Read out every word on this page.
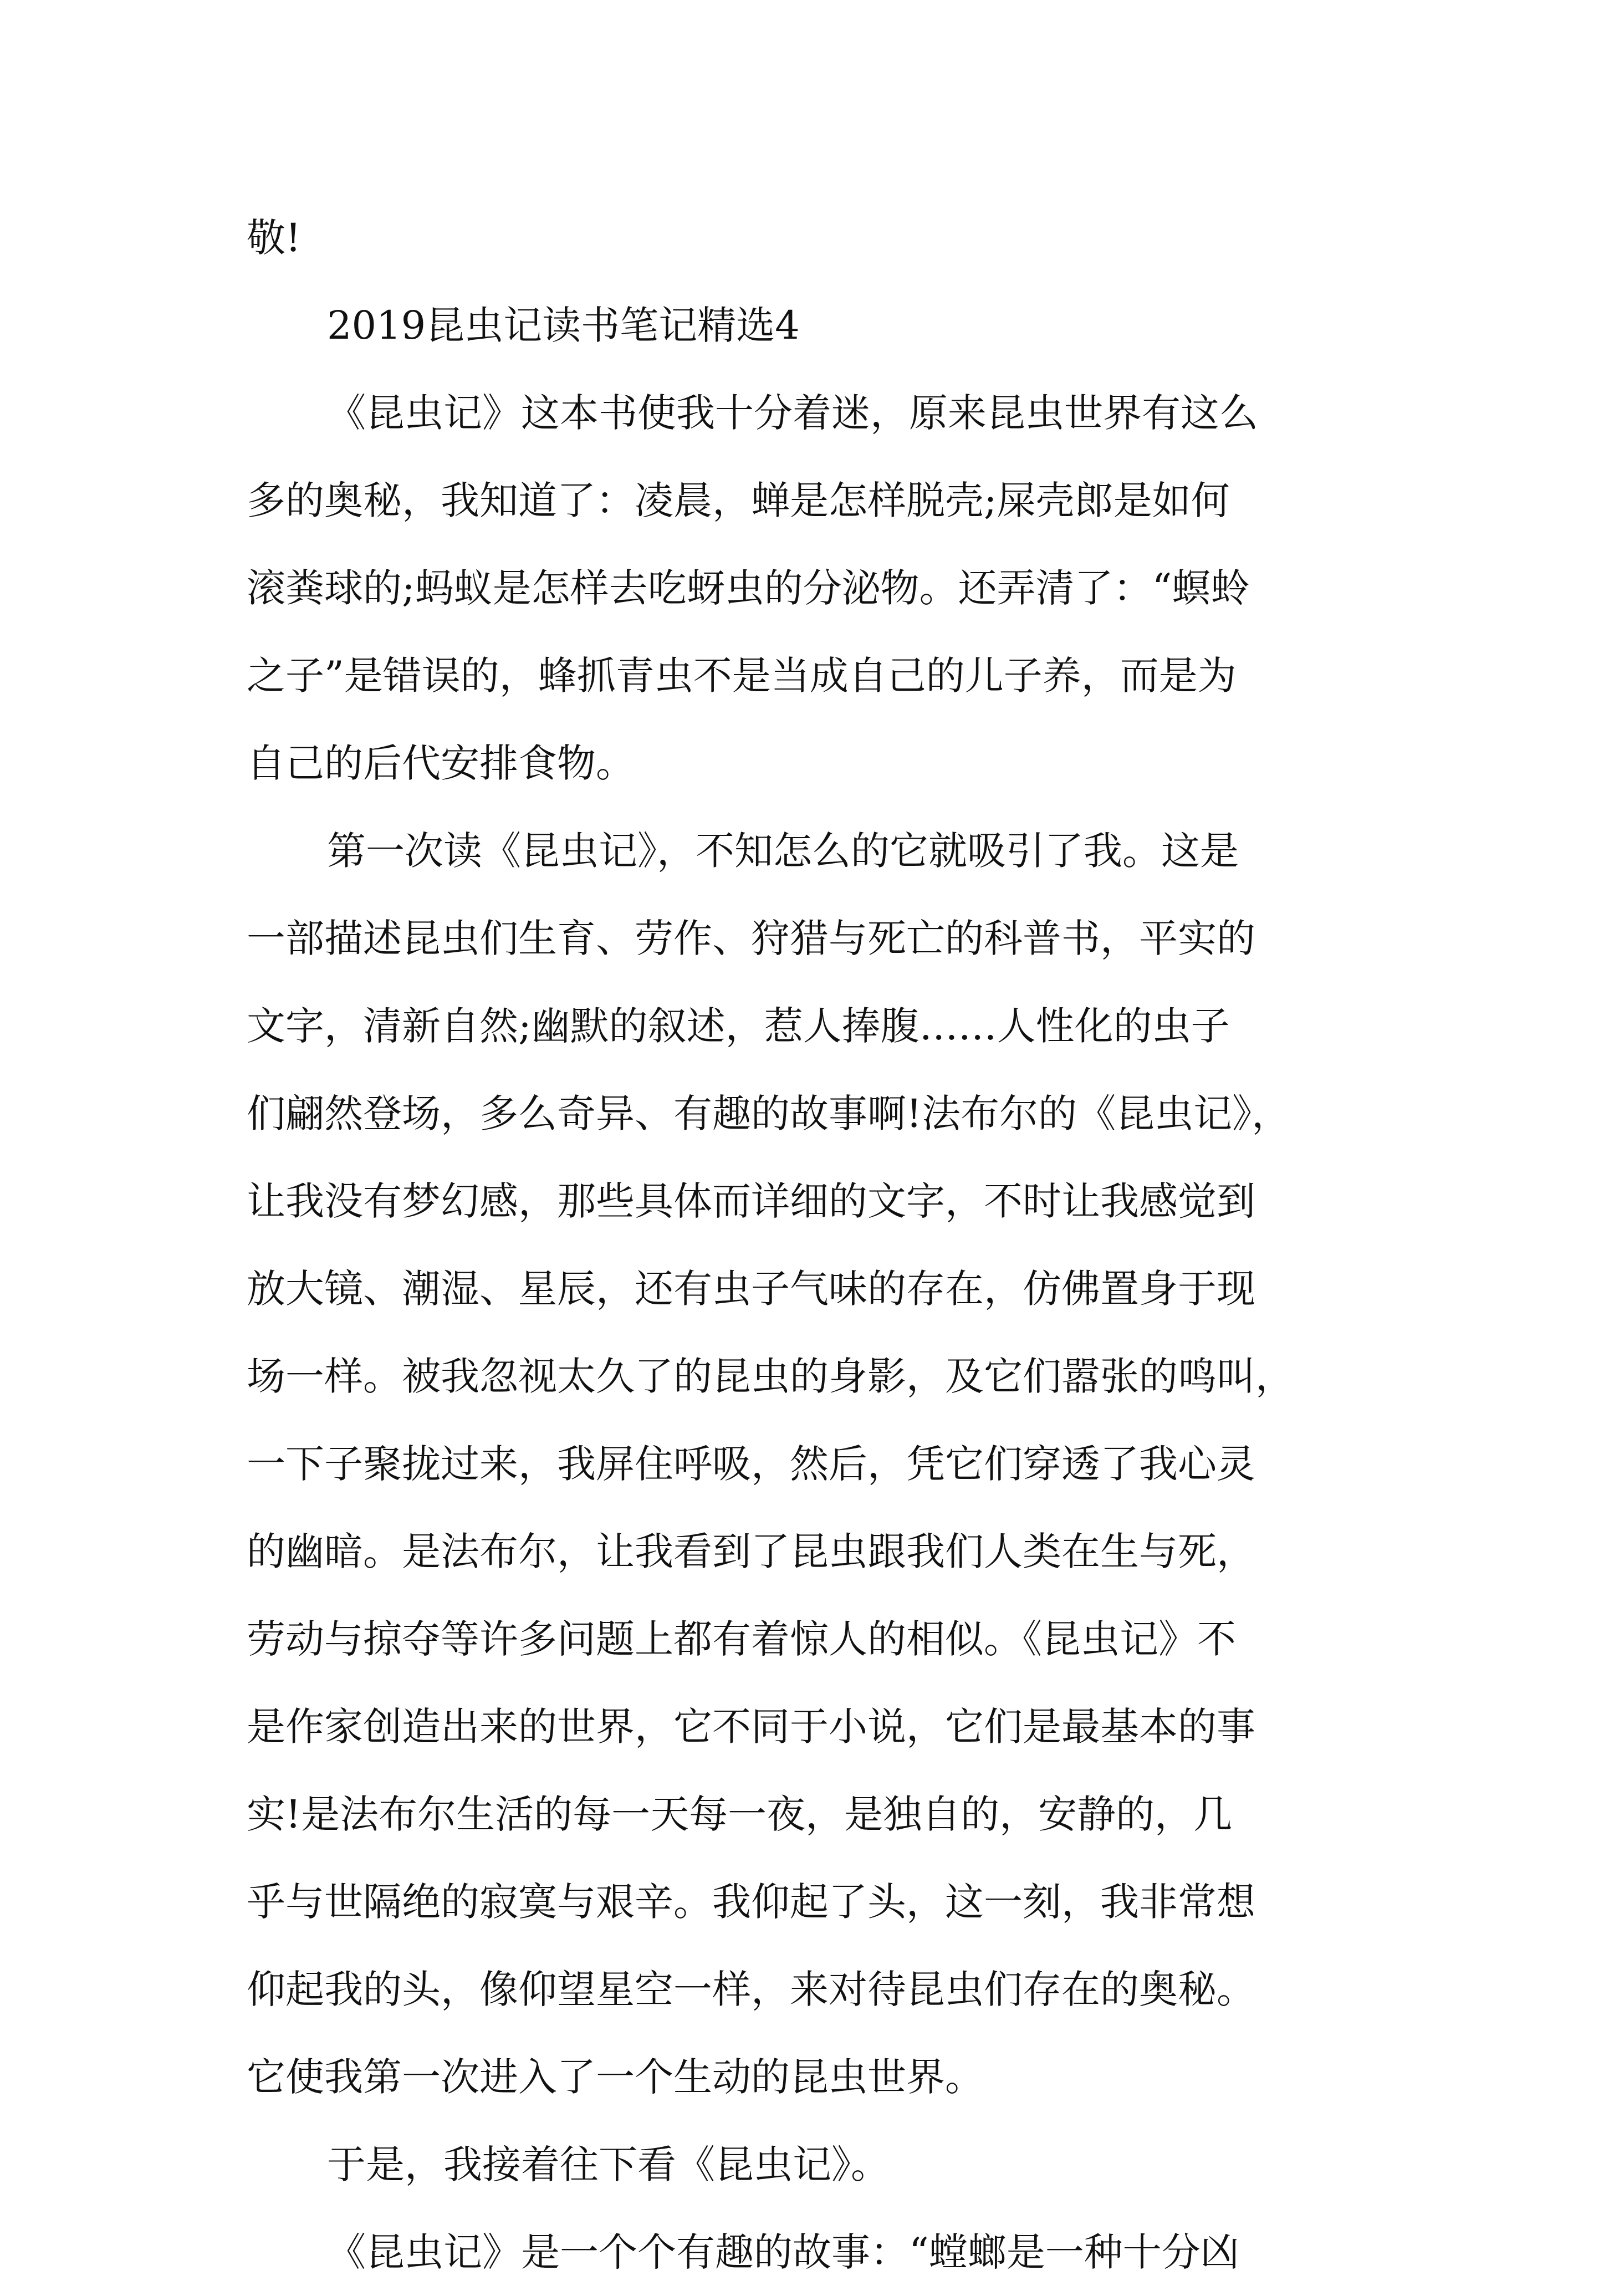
敬!
2019昆虫记读书笔记精选4
《昆虫记》这本书使我十分着迷，原来昆虫世界有这么
多的奥秘，我知道了：凌晨，蝉是怎样脱壳;屎壳郎是如何
滚粪球的;蚂蚁是怎样去吃蚜虫的分泌物。还弄清了：“螟蛉
之子”是错误的，蜂抓青虫不是当成自己的儿子养，而是为
自己的后代安排食物。
第一次读《昆虫记》，不知怎么的它就吸引了我。这是
一部描述昆虫们生育、劳作、狩猎与死亡的科普书，平实的
文字，清新自然;幽默的叙述，惹人捧腹……人性化的虫子
们翩然登场，多么奇异、有趣的故事啊!法布尔的《昆虫记》，
让我没有梦幻感，那些具体而详细的文字，不时让我感觉到
放大镜、潮湿、星辰，还有虫子气味的存在，仿佛置身于现
场一样。被我忽视太久了的昆虫的身影，及它们嚣张的鸣叫，
一下子聚拢过来，我屏住呼吸，然后，凭它们穿透了我心灵
的幽暗。是法布尔，让我看到了昆虫跟我们人类在生与死，
劳动与掠夺等许多问题上都有着惊人的相似。《昆虫记》不
是作家创造出来的世界，它不同于小说，它们是最基本的事
实!是法布尔生活的每一天每一夜，是独自的，安静的，几
乎与世隔绝的寂寞与艰辛。我仰起了头，这一刻，我非常想
仰起我的头，像仰望星空一样，来对待昆虫们存在的奥秘。
它使我第一次进入了一个生动的昆虫世界。
于是，我接着往下看《昆虫记》。
《昆虫记》是一个个有趣的故事：“螳螂是一种十分凶
